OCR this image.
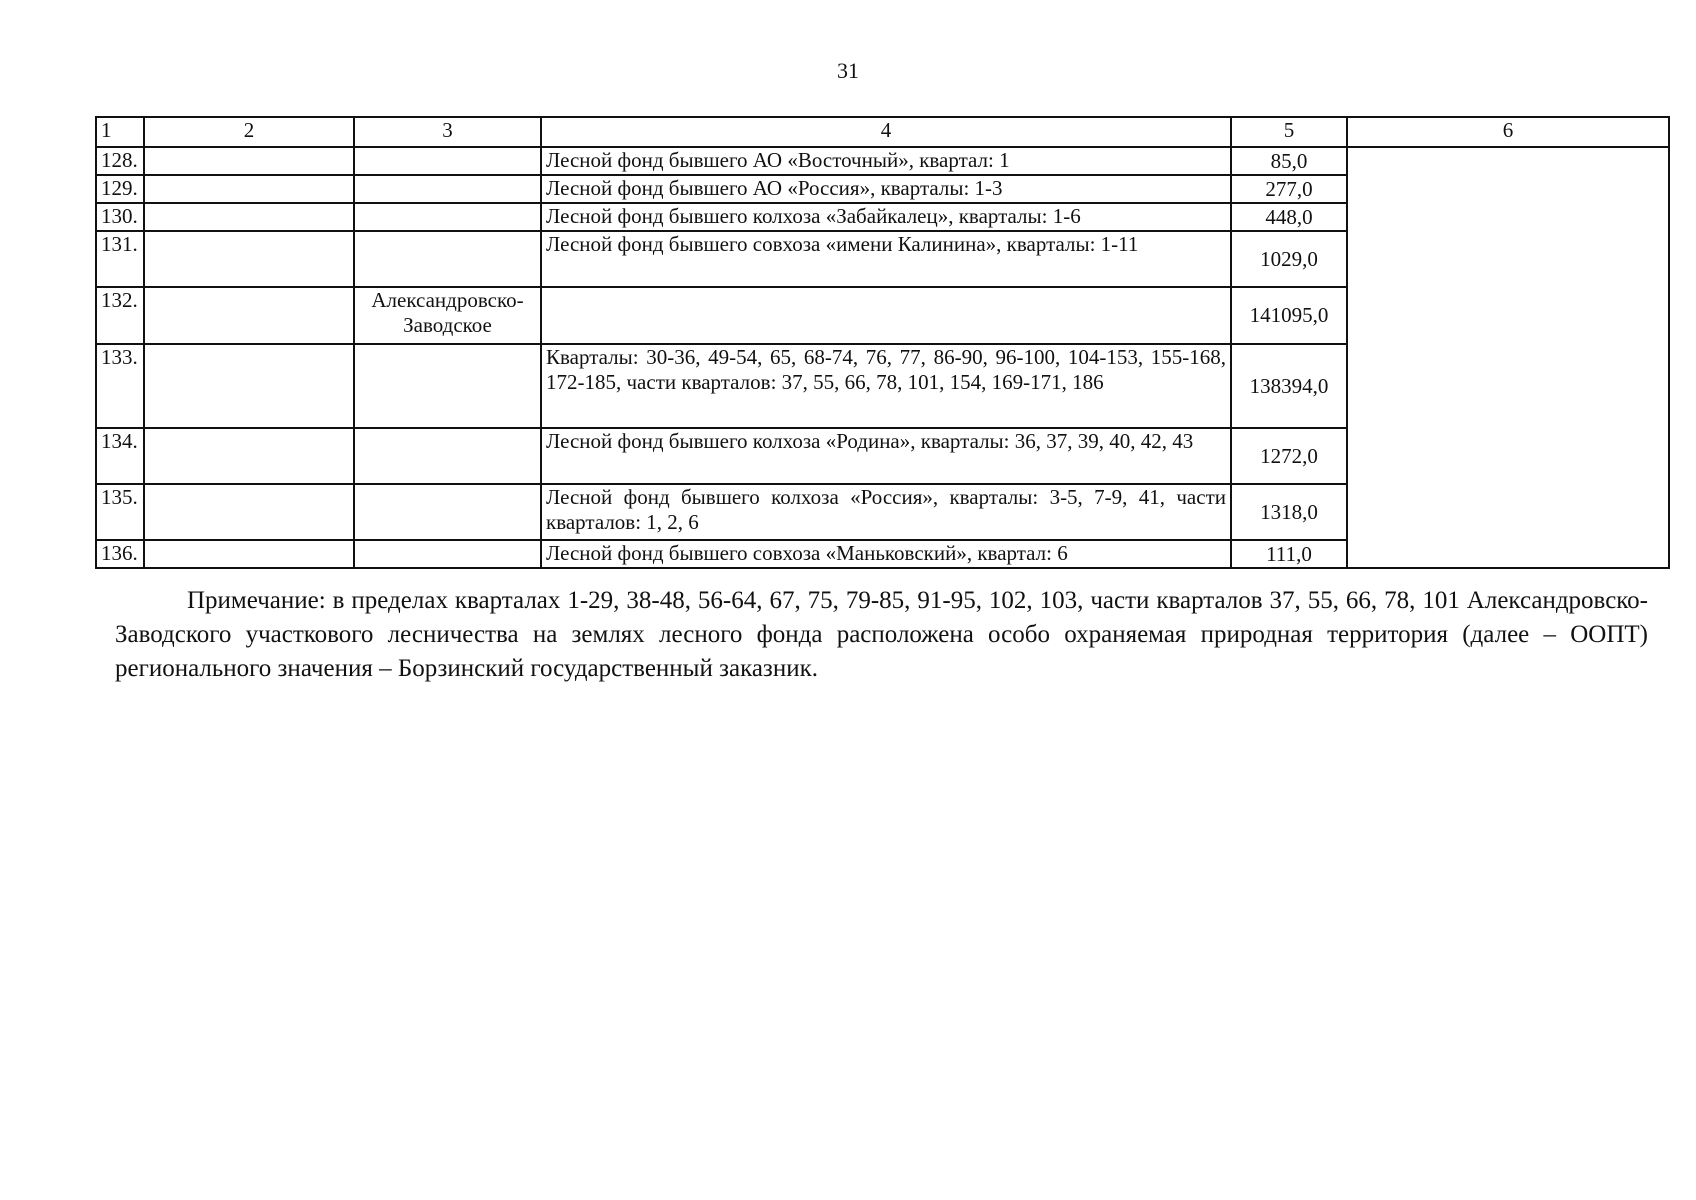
31
1	2	3	4	5	6
128.			Лесной фонд бывшего АО «Восточный», квартал: 1	85,0	
129.			Лесной фонд бывшего АО «Россия», кварталы: 1-3	277,0	
130.			Лесной фонд бывшего колхоза «Забайкалец», кварталы: 1-6	448,0	
131.			Лесной фонд бывшего совхоза «имени Калинина», кварталы: 1-11	1029,0	
132.		Александровско-Заводское		141095,0	
133.			Кварталы: 30-36, 49-54, 65, 68-74, 76, 77, 86-90, 96-100, 104-153, 155-168, 172-185, части кварталов: 37, 55, 66, 78, 101, 154, 169-171, 186	138394,0	
134.			Лесной фонд бывшего колхоза «Родина», кварталы: 36, 37, 39, 40, 42, 43	1272,0	
135.			Лесной фонд бывшего колхоза «Россия», кварталы: 3-5, 7-9, 41, части кварталов: 1, 2, 6	1318,0	
136.			Лесной фонд бывшего совхоза «Маньковский», квартал: 6	111,0	
Примечание: в пределах кварталах 1-29, 38-48, 56-64, 67, 75, 79-85, 91-95, 102, 103, части кварталов 37, 55, 66, 78, 101 Александровско-Заводского участкового лесничества на землях лесного фонда расположена особо охраняемая природная территория (далее – ООПТ) регионального значения – Борзинский государственный заказник.
